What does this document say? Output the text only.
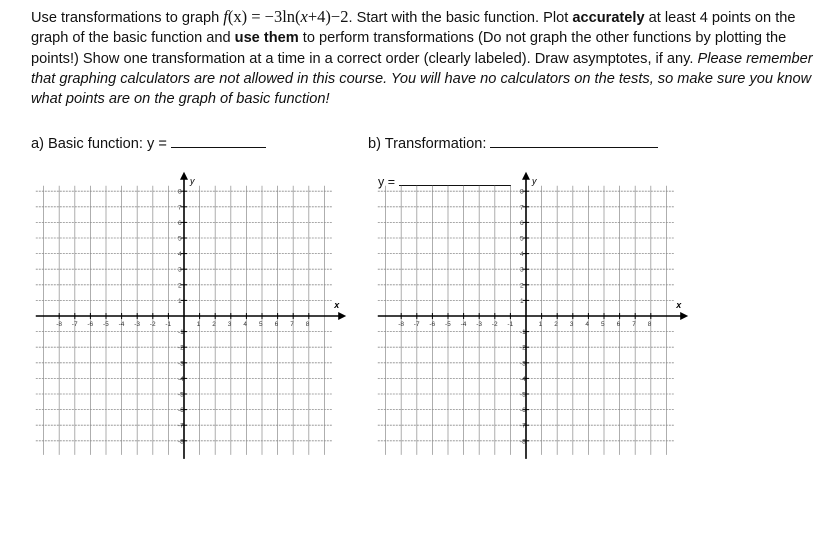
Use transformations to graph f(x) = −3ln(x+4)−2. Start with the basic function. Plot accurately at least 4 points on the graph of the basic function and use them to perform transformations (Do not graph the other functions by plotting the points!) Show one transformation at a time in a correct order (clearly labeled). Draw asymptotes, if any. Please remember that graphing calculators are not allowed in this course. You will have no calculators on the tests, so make sure you know what points are on the graph of basic function!

a) Basic function: y =	b) Transformation:
y =
x
y
-8 -7 -6 -5 -4 -3 -2 -1	1 2 3 4 5 6 7 8
8
7
6
5
4
3
2
1
-1
-2
-3
-4
-5
-6
-7
-8
x
y
-8 -7 -6 -5 -4 -3 -2 -1	1 2 3 4 5 6 7 8
8
7
6
5
4
3
2
1
-1
-2
-3
-4
-5
-6
-7
-8
